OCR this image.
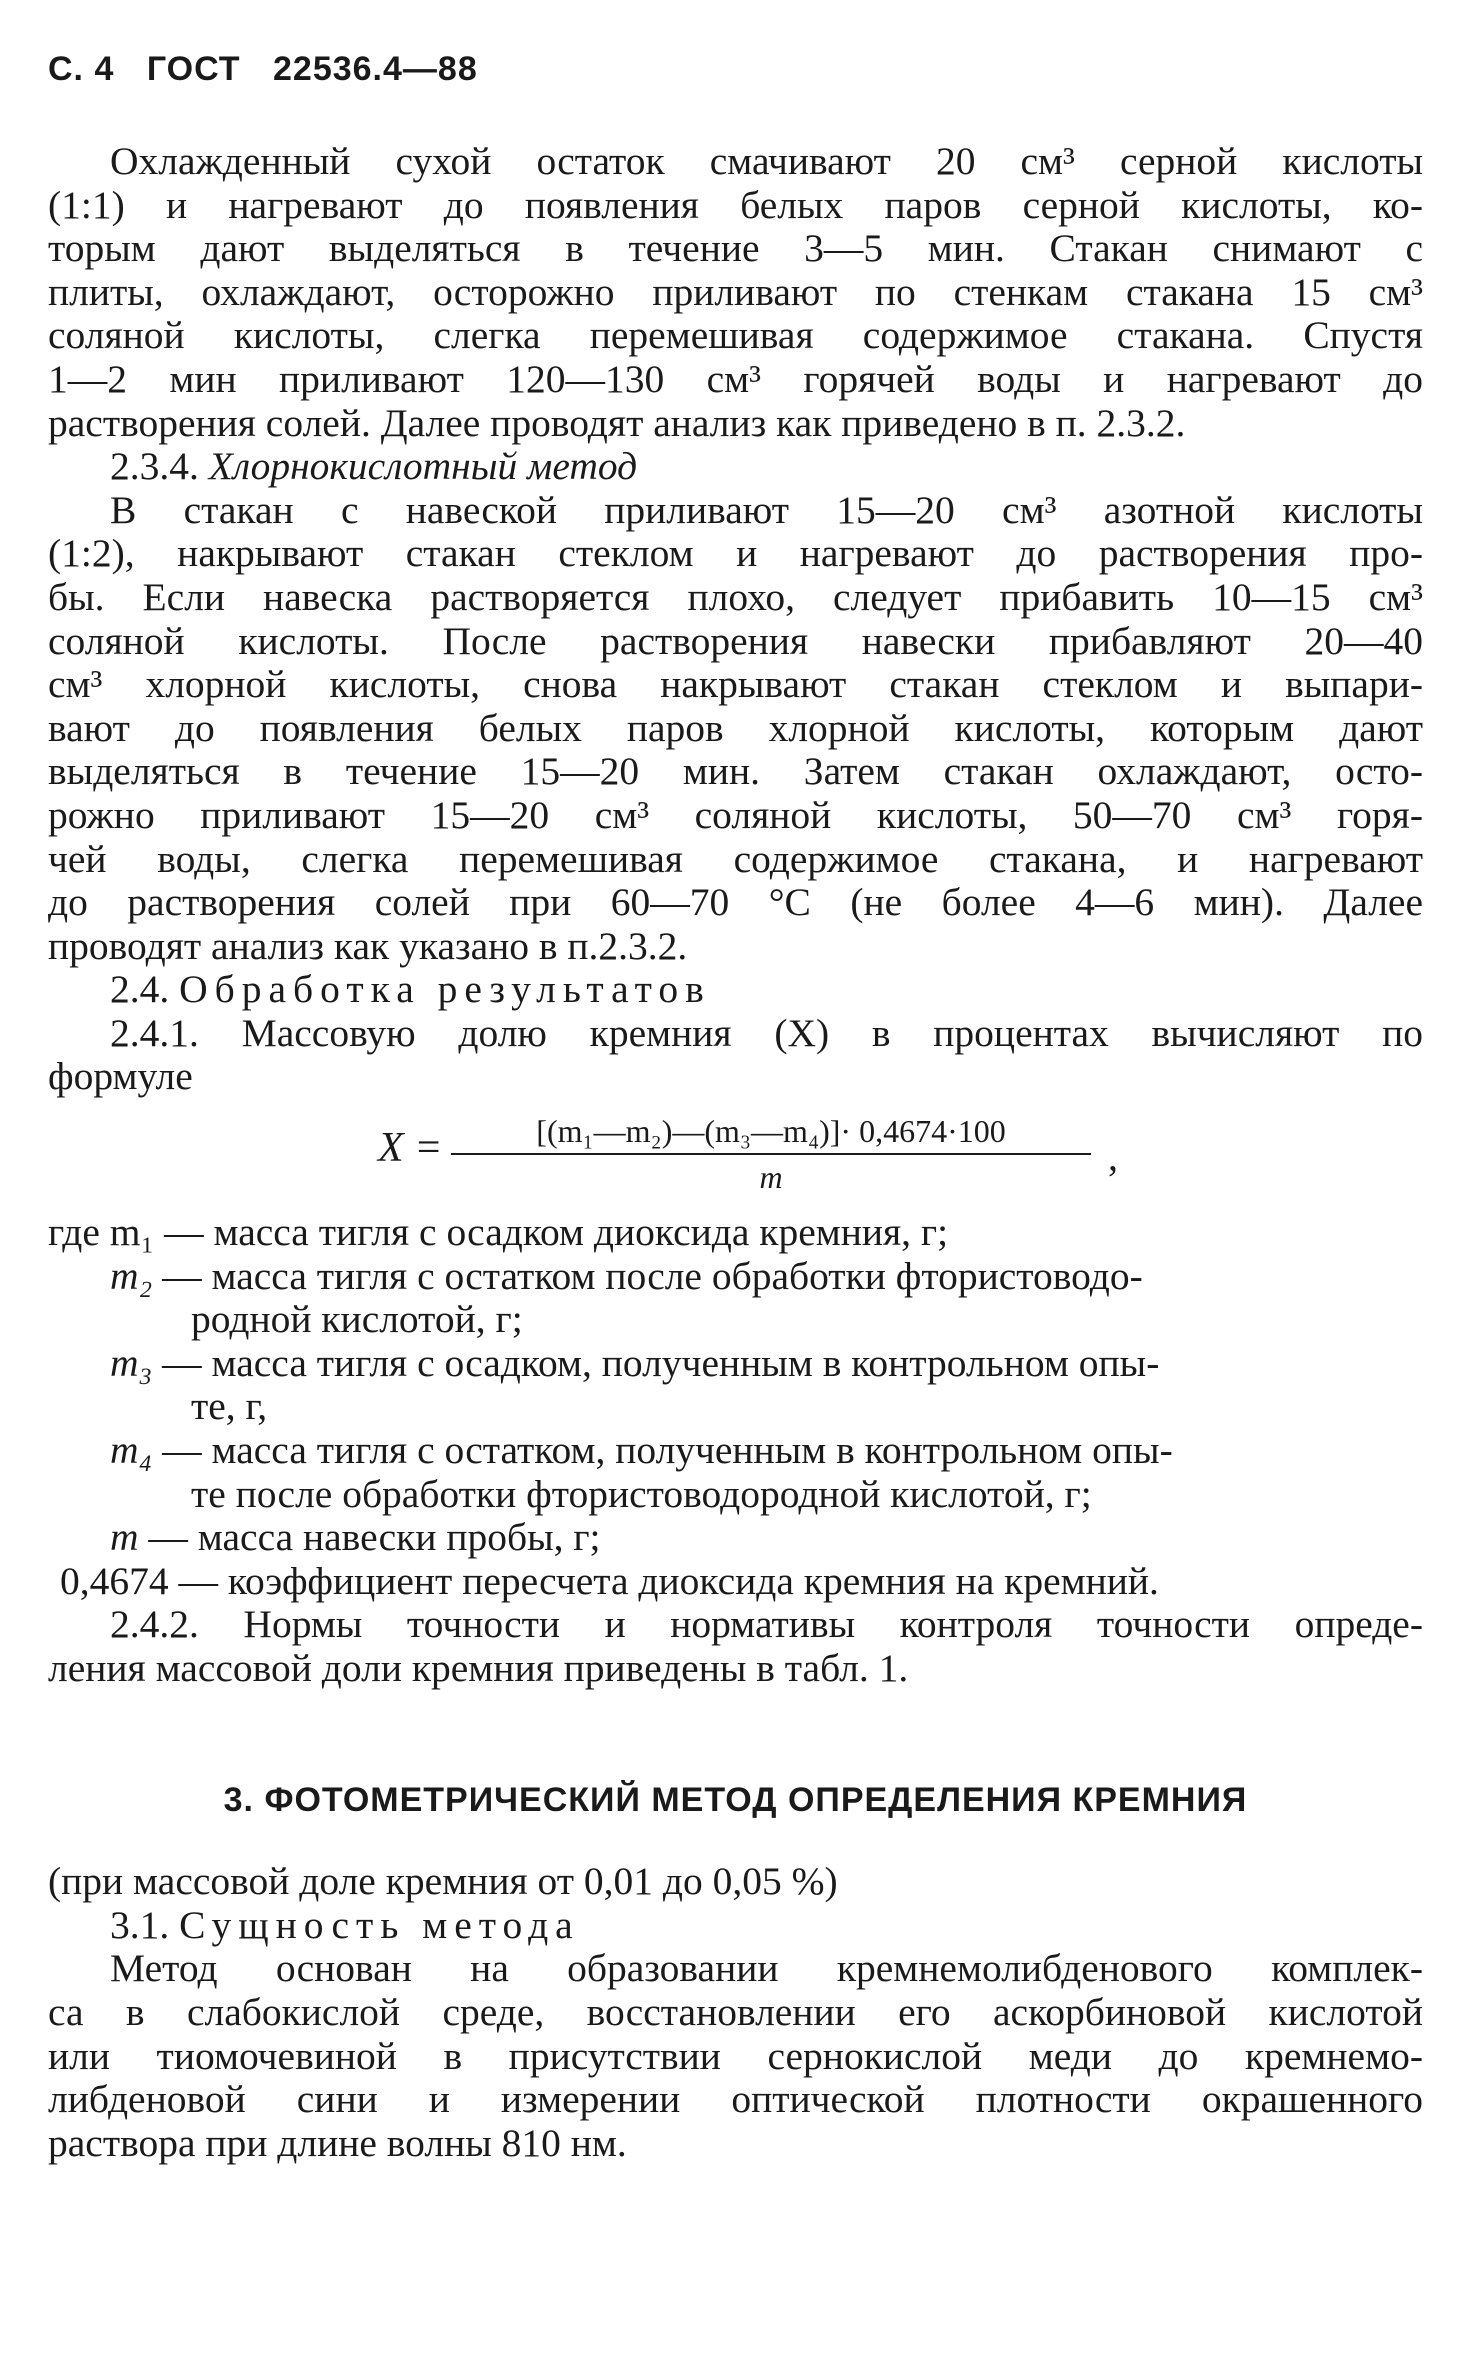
С. 4 ГОСТ 22536.4—88
Охлажденный сухой остаток смачивают 20 см³ серной кислоты
(1:1) и нагревают до появления белых паров серной кислоты, ко-
торым дают выделяться в течение 3—5 мин. Стакан снимают с
плиты, охлаждают, осторожно приливают по стенкам стакана 15 см³
соляной кислоты, слегка перемешивая содержимое стакана. Спустя
1—2 мин приливают 120—130 см³ горячей воды и нагревают до
растворения солей. Далее проводят анализ как приведено в п. 2.3.2.
2.3.4. Хлорнокислотный метод
В стакан с навеской приливают 15—20 см³ азотной кислоты
(1:2), накрывают стакан стеклом и нагревают до растворения про-
бы. Если навеска растворяется плохо, следует прибавить 10—15 см³
соляной кислоты. После растворения навески прибавляют 20—40
см³ хлорной кислоты, снова накрывают стакан стеклом и выпари-
вают до появления белых паров хлорной кислоты, которым дают
выделяться в течение 15—20 мин. Затем стакан охлаждают, осто-
рожно приливают 15—20 см³ соляной кислоты, 50—70 см³ горя-
чей воды, слегка перемешивая содержимое стакана, и нагревают
до растворения солей при 60—70 °С (не более 4—6 мин). Далее
проводят анализ как указано в п.2.3.2.
2.4. Обработка результатов
2.4.1. Массовую долю кремния (X) в процентах вычисляют по
формуле
X =	[(m₁—m₂)—(m₃—m₄)]· 0,4674·100
m	,
где m₁ — масса тигля с осадком диоксида кремния, г;
m₂ — масса тигля с остатком после обработки фтористоводо-
родной кислотой, г;
m₃ — масса тигля с осадком, полученным в контрольном опы-
те, г,
m₄ — масса тигля с остатком, полученным в контрольном опы-
те после обработки фтористоводородной кислотой, г;
m — масса навески пробы, г;
0,4674 — коэффициент пересчета диоксида кремния на кремний.
2.4.2. Нормы точности и нормативы контроля точности опреде-
ления массовой доли кремния приведены в табл. 1.
3. ФОТОМЕТРИЧЕСКИЙ МЕТОД ОПРЕДЕЛЕНИЯ КРЕМНИЯ
(при массовой доле кремния от 0,01 до 0,05 %)
3.1. Сущность метода
Метод основан на образовании кремнемолибденового комплек-
са в слабокислой среде, восстановлении его аскорбиновой кислотой
или тиомочевиной в присутствии сернокислой меди до кремнемо-
либденовой сини и измерении оптической плотности окрашенного
раствора при длине волны 810 нм.
